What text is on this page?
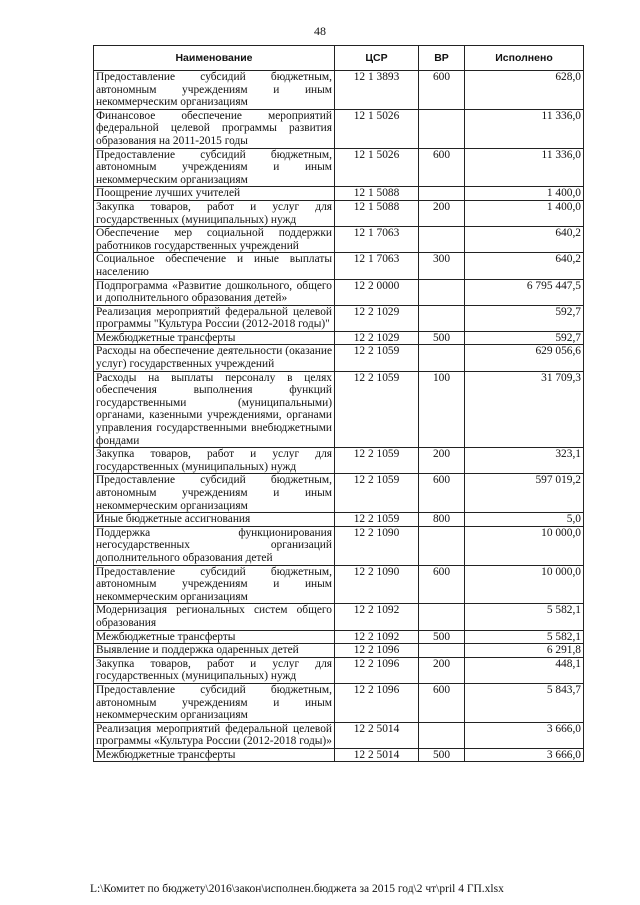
48
Наименование	ЦСР	ВР	Исполнено
Предоставление субсидий бюджетным, автономным учреждениям и иным некоммерческим организациям	12 1 3893	600	628,0
Финансовое обеспечение мероприятий федеральной целевой программы развития образования на 2011-2015 годы	12 1 5026		11 336,0
Предоставление субсидий бюджетным, автономным учреждениям и иным некоммерческим организациям	12 1 5026	600	11 336,0
Поощрение лучших учителей	12 1 5088		1 400,0
Закупка товаров, работ и услуг для государственных (муниципальных) нужд	12 1 5088	200	1 400,0
Обеспечение мер социальной поддержки работников государственных учреждений	12 1 7063		640,2
Социальное обеспечение и иные выплаты населению	12 1 7063	300	640,2
Подпрограмма «Развитие дошкольного, общего и дополнительного образования детей»	12 2 0000		6 795 447,5
Реализация мероприятий федеральной целевой программы "Культура России (2012-2018 годы)"	12 2 1029		592,7
Межбюджетные трансферты	12 2 1029	500	592,7
Расходы на обеспечение деятельности (оказание услуг) государственных учреждений	12 2 1059		629 056,6
Расходы на выплаты персоналу в целях обеспечения выполнения функций государственными (муниципальными) органами, казенными учреждениями, органами управления государственными внебюджетными фондами	12 2 1059	100	31 709,3
Закупка товаров, работ и услуг для государственных (муниципальных) нужд	12 2 1059	200	323,1
Предоставление субсидий бюджетным, автономным учреждениям и иным некоммерческим организациям	12 2 1059	600	597 019,2
Иные бюджетные ассигнования	12 2 1059	800	5,0
Поддержка функционирования негосударственных организаций дополнительного образования детей	12 2 1090		10 000,0
Предоставление субсидий бюджетным, автономным учреждениям и иным некоммерческим организациям	12 2 1090	600	10 000,0
Модернизация региональных систем общего образования	12 2 1092		5 582,1
Межбюджетные трансферты	12 2 1092	500	5 582,1
Выявление и поддержка одаренных детей	12 2 1096		6 291,8
Закупка товаров, работ и услуг для государственных (муниципальных) нужд	12 2 1096	200	448,1
Предоставление субсидий бюджетным, автономным учреждениям и иным некоммерческим организациям	12 2 1096	600	5 843,7
Реализация мероприятий федеральной целевой программы «Культура России (2012-2018 годы)»	12 2 5014		3 666,0
Межбюджетные трансферты	12 2 5014	500	3 666,0
L:\Комитет по бюджету\2016\закон\исполнен.бюджета за 2015 год\2 чт\pril 4 ГП.xlsx
